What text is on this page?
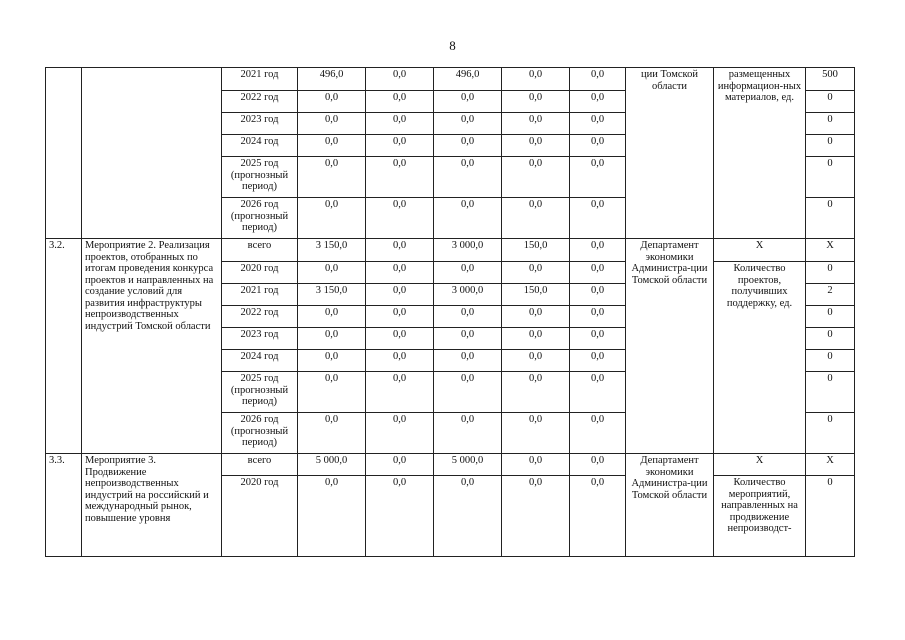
8
		2021 год	496,0	0,0	496,0	0,0	0,0	ции Томской области	размещенных информацион-ных материалов, ед.	500
		2022 год	0,0	0,0	0,0	0,0	0,0			0
		2023 год	0,0	0,0	0,0	0,0	0,0			0
		2024 год	0,0	0,0	0,0	0,0	0,0			0
		2025 год (прогнозный период)	0,0	0,0	0,0	0,0	0,0			0
		2026 год (прогнозный период)	0,0	0,0	0,0	0,0	0,0			0
3.2.	Мероприятие 2. Реализация проектов, отобранных по итогам проведения конкурса проектов и направленных на создание условий для развития инфраструктуры непроизводственных индустрий Томской области	всего	3 150,0	0,0	3 000,0	150,0	0,0	Департамент экономики Администра-ции Томской области	Х	Х
		2020 год	0,0	0,0	0,0	0,0	0,0		Количество проектов, получивших поддержку, ед.	0
		2021 год	3 150,0	0,0	3 000,0	150,0	0,0			2
		2022 год	0,0	0,0	0,0	0,0	0,0			0
		2023 год	0,0	0,0	0,0	0,0	0,0			0
		2024 год	0,0	0,0	0,0	0,0	0,0			0
		2025 год (прогнозный период)	0,0	0,0	0,0	0,0	0,0			0
		2026 год (прогнозный период)	0,0	0,0	0,0	0,0	0,0			0
3.3.	Мероприятие 3. Продвижение непроизводственных индустрий на российский и международный рынок, повышение уровня	всего	5 000,0	0,0	5 000,0	0,0	0,0	Департамент экономики Администра-ции Томской области	Х	Х
		2020 год	0,0	0,0	0,0	0,0	0,0		Количество мероприятий, направленных на продвижение непроизводст-	0
